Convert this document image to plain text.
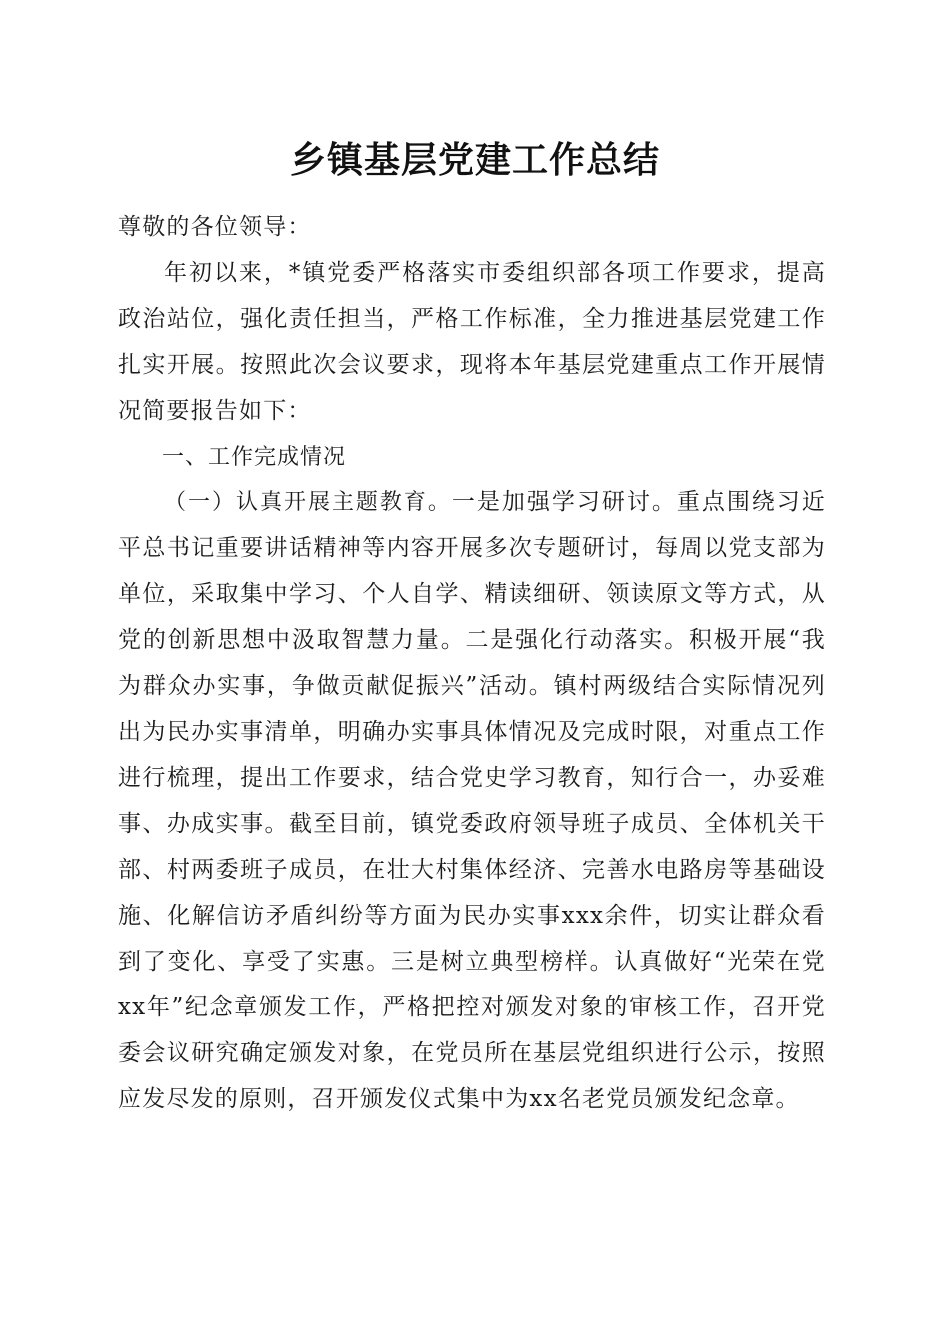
乡镇基层党建工作总结

尊敬的各位领导：

年初以来，*镇党委严格落实市委组织部各项工作要求，提高政治站位，强化责任担当，严格工作标准，全力推进基层党建工作扎实开展。按照此次会议要求，现将本年基层党建重点工作开展情况简要报告如下：

一、工作完成情况

（一）认真开展主题教育。一是加强学习研讨。重点围绕习近平总书记重要讲话精神等内容开展多次专题研讨，每周以党支部为单位，采取集中学习、个人自学、精读细研、领读原文等方式，从党的创新思想中汲取智慧力量。二是强化行动落实。积极开展“我为群众办实事，争做贡献促振兴”活动。镇村两级结合实际情况列出为民办实事清单，明确办实事具体情况及完成时限，对重点工作进行梳理，提出工作要求，结合党史学习教育，知行合一，办妥难事、办成实事。截至目前，镇党委政府领导班子成员、全体机关干部、村两委班子成员，在壮大村集体经济、完善水电路房等基础设施、化解信访矛盾纠纷等方面为民办实事xxx余件，切实让群众看到了变化、享受了实惠。三是树立典型榜样。认真做好“光荣在党xx年”纪念章颁发工作，严格把控对颁发对象的审核工作，召开党委会议研究确定颁发对象，在党员所在基层党组织进行公示，按照应发尽发的原则，召开颁发仪式集中为xx名老党员颁发纪念章。
